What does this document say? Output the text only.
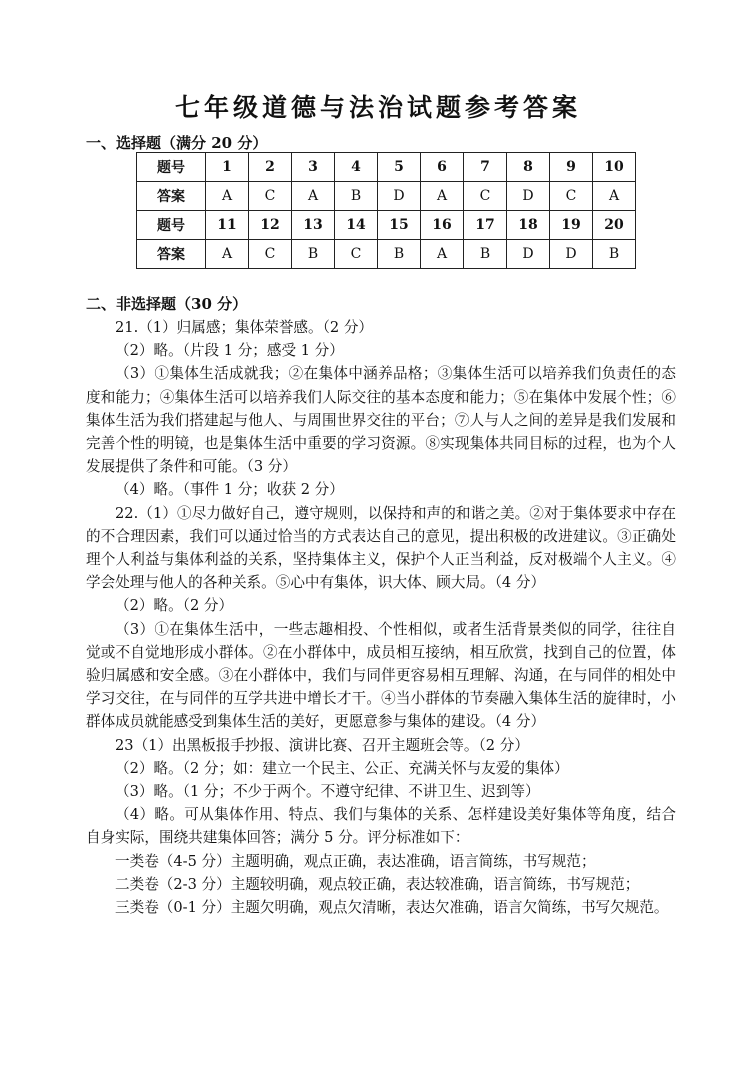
七年级道德与法治试题参考答案
一、选择题（满分 20 分）
题号	1	2	3	4	5	6	7	8	9	10
答案	A	C	A	B	D	A	C	D	C	A
题号	11	12	13	14	15	16	17	18	19	20
答案	A	C	B	C	B	A	B	D	D	B
二、非选择题（30 分）

21.（1）归属感；集体荣誉感。（2 分）

（2）略。（片段 1 分；感受 1 分）

（3）①集体生活成就我；②在集体中涵养品格；③集体生活可以培养我们负责任的态度和能力；④集体生活可以培养我们人际交往的基本态度和能力；⑤在集体中发展个性；⑥集体生活为我们搭建起与他人、与周围世界交往的平台；⑦人与人之间的差异是我们发展和完善个性的明镜，也是集体生活中重要的学习资源。⑧实现集体共同目标的过程，也为个人发展提供了条件和可能。（3 分）

（4）略。（事件 1 分；收获 2 分）

22.（1）①尽力做好自己，遵守规则，以保持和声的和谐之美。②对于集体要求中存在的不合理因素，我们可以通过恰当的方式表达自己的意见，提出积极的改进建议。③正确处理个人利益与集体利益的关系，坚持集体主义，保护个人正当利益，反对极端个人主义。④学会处理与他人的各种关系。⑤心中有集体，识大体、顾大局。（4 分）

（2）略。（2 分）

（3）①在集体生活中，一些志趣相投、个性相似，或者生活背景类似的同学，往往自觉或不自觉地形成小群体。②在小群体中，成员相互接纳，相互欣赏，找到自己的位置，体验归属感和安全感。③在小群体中，我们与同伴更容易相互理解、沟通，在与同伴的相处中学习交往，在与同伴的互学共进中增长才干。④当小群体的节奏融入集体生活的旋律时，小群体成员就能感受到集体生活的美好，更愿意参与集体的建设。（4 分）

23（1）出黑板报手抄报、演讲比赛、召开主题班会等。（2 分）

（2）略。（2 分；如：建立一个民主、公正、充满关怀与友爱的集体）

（3）略。（1 分；不少于两个。不遵守纪律、不讲卫生、迟到等）

（4）略。可从集体作用、特点、我们与集体的关系、怎样建设美好集体等角度，结合自身实际，围绕共建集体回答；满分 5 分。评分标准如下：

一类卷（4-5 分）主题明确，观点正确，表达准确，语言简练，书写规范；

二类卷（2-3 分）主题较明确，观点较正确，表达较准确，语言简练，书写规范；

三类卷（0-1 分）主题欠明确，观点欠清晰，表达欠准确，语言欠简练，书写欠规范。
